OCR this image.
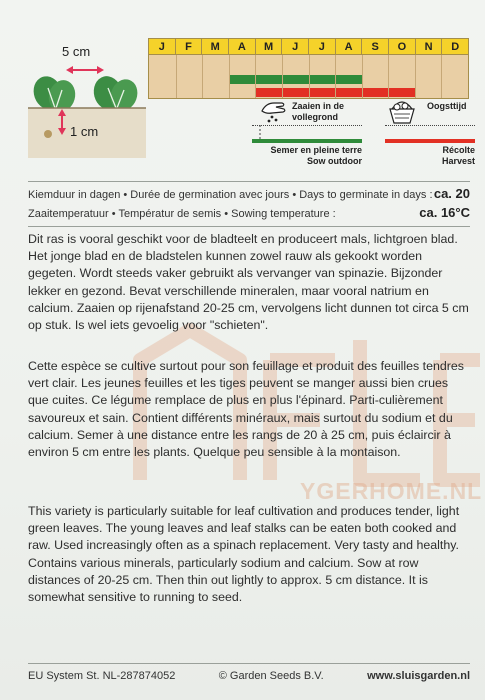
5 cm
1 cm
J	F	M	A	M	J	J	A	S	O	N	D
Zaaien in de vollegrond
Semer en pleine terre
Sow outdoor
Oogsttijd
Récolte
Harvest
Kiemduur in dagen • Durée de germination avec jours • Days to germinate in days : ca. 20
Zaaitemperatuur • Températur de semis • Sowing temperature :	ca. 16°C
YGERHOME.NL

Dit ras is vooral geschikt voor de bladteelt en produceert mals, lichtgroen blad. Het jonge blad en de bladstelen kunnen zowel rauw als gekookt worden gegeten. Wordt steeds vaker gebruikt als vervanger van spinazie. Bijzonder lekker en gezond. Bevat verschillende mineralen, maar vooral natrium en calcium. Zaaien op rijenafstand 20-25 cm, vervolgens licht dunnen tot circa 5 cm op stuk. Is wel iets gevoelig voor "schieten".

Cette espèce se cultive surtout pour son feuillage et produit des feuilles tendres vert clair. Les jeunes feuilles et les tiges peuvent se manger aussi bien crues que cuites. Ce légume remplace de plus en plus l'épinard. Parti-culièrement savoureux et sain. Contient différents minéraux, mais surtout du sodium et du calcium. Semer à une distance entre les rangs de 20 à 25 cm, puis éclaircir à environ 5 cm entre les plants. Quelque peu sensible à la montaison.

This variety is particularly suitable for leaf cultivation and produces tender, light green leaves. The young leaves and leaf stalks can be eaten both cooked and raw. Used increasingly often as a spinach replacement. Very tasty and healthy. Contains various minerals, particularly sodium and calcium. Sow at row distances of 20-25 cm. Then thin out lightly to approx. 5 cm distance. It is somewhat sensitive to running to seed.

EU System St. NL-287874052	© Garden Seeds B.V.	www.sluisgarden.nl
